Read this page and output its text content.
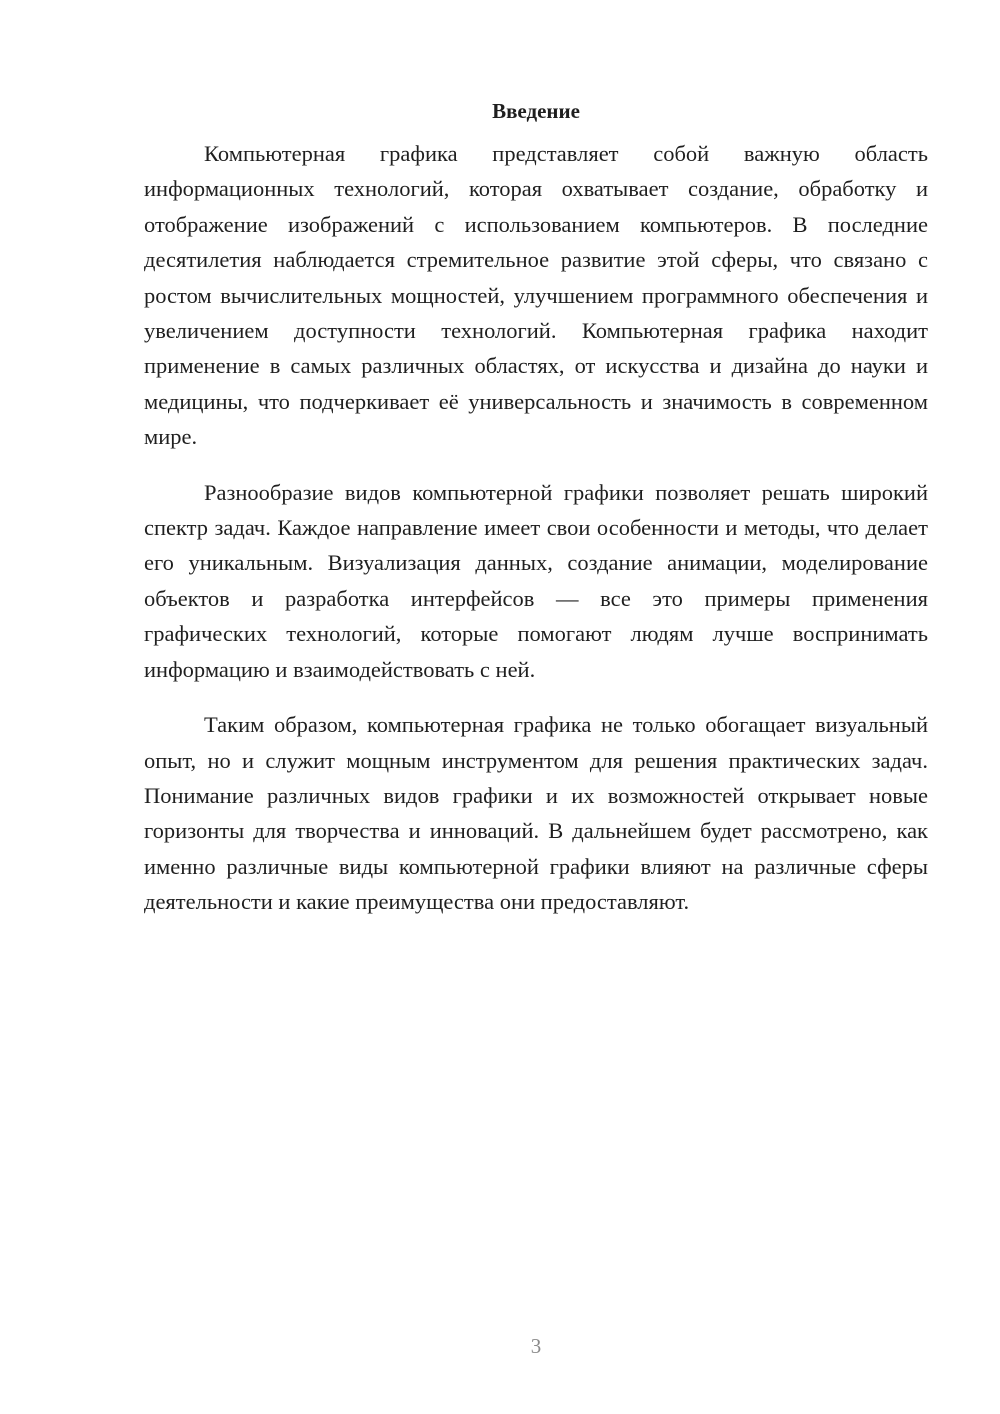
Введение

Компьютерная графика представляет собой важную область информационных технологий, которая охватывает создание, обработку и отображение изображений с использованием компьютеров. В последние десятилетия наблюдается стремительное развитие этой сферы, что связано с ростом вычислительных мощностей, улучшением программного обеспечения и увеличением доступности технологий. Компьютерная графика находит применение в самых различных областях, от искусства и дизайна до науки и медицины, что подчеркивает её универсальность и значимость в современном мире.

Разнообразие видов компьютерной графики позволяет решать широкий спектр задач. Каждое направление имеет свои особенности и методы, что делает его уникальным. Визуализация данных, создание анимации, моделирование объектов и разработка интерфейсов — все это примеры применения графических технологий, которые помогают людям лучше воспринимать информацию и взаимодействовать с ней.

Таким образом, компьютерная графика не только обогащает визуальный опыт, но и служит мощным инструментом для решения практических задач. Понимание различных видов графики и их возможностей открывает новые горизонты для творчества и инноваций. В дальнейшем будет рассмотрено, как именно различные виды компьютерной графики влияют на различные сферы деятельности и какие преимущества они предоставляют.

3
